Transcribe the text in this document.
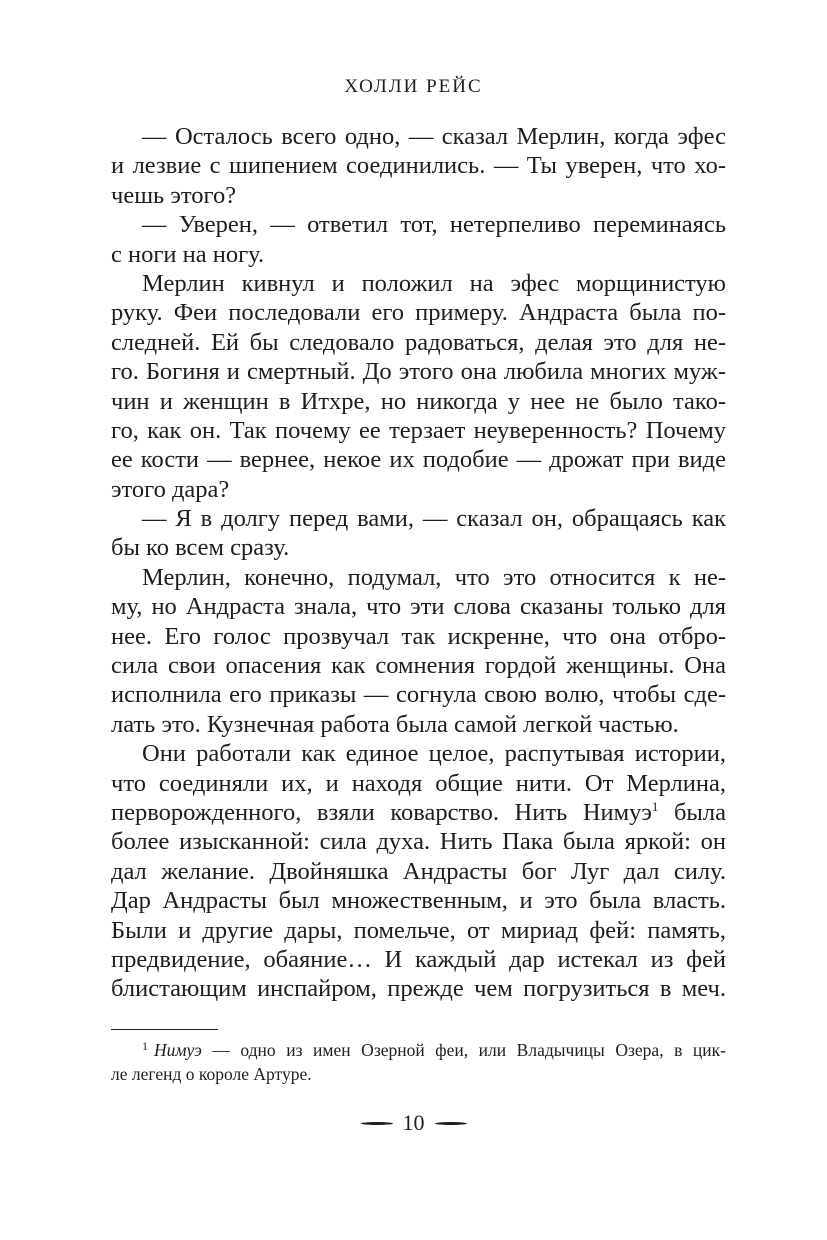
ХОЛЛИ РЕЙС
— Осталось всего одно, — сказал Мерлин, когда эфес
и лезвие с шипением соединились. — Ты уверен, что хо-
чешь этого?
— Уверен, — ответил тот, нетерпеливо переминаясь
с ноги на ногу.
Мерлин кивнул и положил на эфес морщинистую
руку. Феи последовали его примеру. Андраста была по-
следней. Ей бы следовало радоваться, делая это для не-
го. Богиня и смертный. До этого она любила многих муж-
чин и женщин в Итхре, но никогда у нее не было тако-
го, как он. Так почему ее терзает неуверенность? Почему
ее кости — вернее, некое их подобие — дрожат при виде
этого дара?
— Я в долгу перед вами, — сказал он, обращаясь как
бы ко всем сразу.
Мерлин, конечно, подумал, что это относится к не-
му, но Андраста знала, что эти слова сказаны только для
нее. Его голос прозвучал так искренне, что она отбро-
сила свои опасения как сомнения гордой женщины. Она
исполнила его приказы — согнула свою волю, чтобы сде-
лать это. Кузнечная работа была самой легкой частью.
Они работали как единое целое, распутывая истории,
что соединяли их, и находя общие нити. От Мерлина,
перворожденного, взяли коварство. Нить Нимуэ$^1$ была
более изысканной: сила духа. Нить Пака была яркой: он
дал желание. Двойняшка Андрасты бог Луг дал силу.
Дар Андрасты был множественным, и это была власть.
Были и другие дары, помельче, от мириад фей: память,
предвидение, обаяние… И каждый дар истекал из фей
блистающим инспайром, прежде чем погрузиться в меч.
$^1$ Нимуэ — одно из имен Озерной феи, или Владычицы Озера, в цик-
ле легенд о короле Артуре.
10
